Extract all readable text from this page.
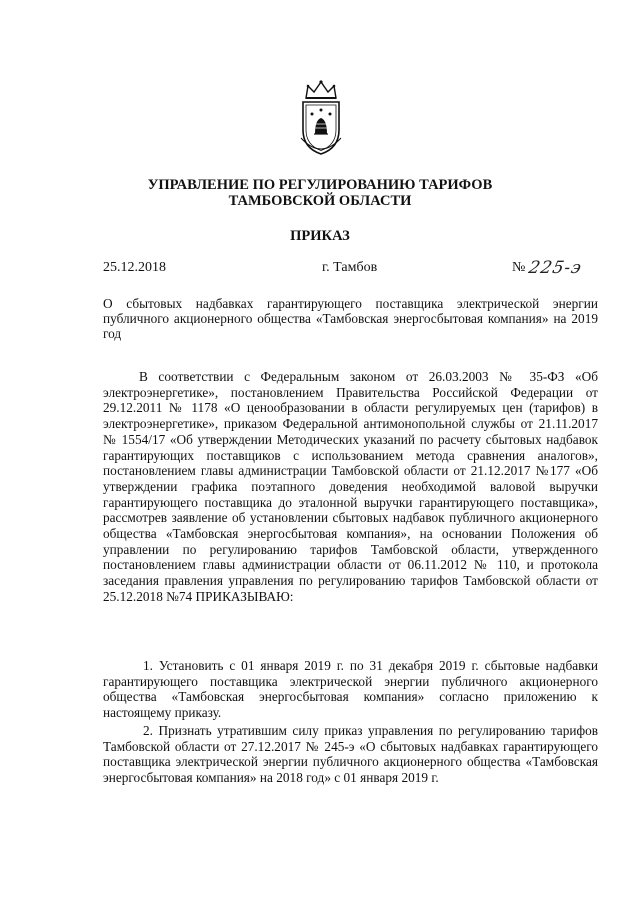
УПРАВЛЕНИЕ ПО РЕГУЛИРОВАНИЮ ТАРИФОВ
ТАМБОВСКОЙ ОБЛАСТИ
ПРИКАЗ
25.12.2018	г. Тамбов	№ 225-э
О сбытовых надбавках гарантирующего поставщика электрической энергии публичного акционерного общества «Тамбовская энергосбытовая компания» на 2019 год
В соответствии с Федеральным законом от 26.03.2003 № 35-ФЗ «Об электроэнергетике», постановлением Правительства Российской Федерации от 29.12.2011 № 1178 «О ценообразовании в области регулируемых цен (тарифов) в электроэнергетике», приказом Федеральной антимонопольной службы от 21.11.2017 № 1554/17 «Об утверждении Методических указаний по расчету сбытовых надбавок гарантирующих поставщиков с использованием метода сравнения аналогов», постановлением главы администрации Тамбовской области от 21.12.2017 №177 «Об утверждении графика поэтапного доведения необходимой валовой выручки гарантирующего поставщика до эталонной выручки гарантирующего поставщика», рассмотрев заявление об установлении сбытовых надбавок публичного акционерного общества «Тамбовская энергосбытовая компания», на основании Положения об управлении по регулированию тарифов Тамбовской области, утвержденного постановлением главы администрации области от 06.11.2012 № 110, и протокола заседания правления управления по регулированию тарифов Тамбовской области от 25.12.2018 №74 ПРИКАЗЫВАЮ:
1. Установить с 01 января 2019 г. по 31 декабря 2019 г. сбытовые надбавки гарантирующего поставщика электрической энергии публичного акционерного общества «Тамбовская энергосбытовая компания» согласно приложению к настоящему приказу.
2. Признать утратившим силу приказ управления по регулированию тарифов Тамбовской области от 27.12.2017 № 245-э «О сбытовых надбавках гарантирующего поставщика электрической энергии публичного акционерного общества «Тамбовская энергосбытовая компания» на 2018 год» с 01 января 2019 г.
